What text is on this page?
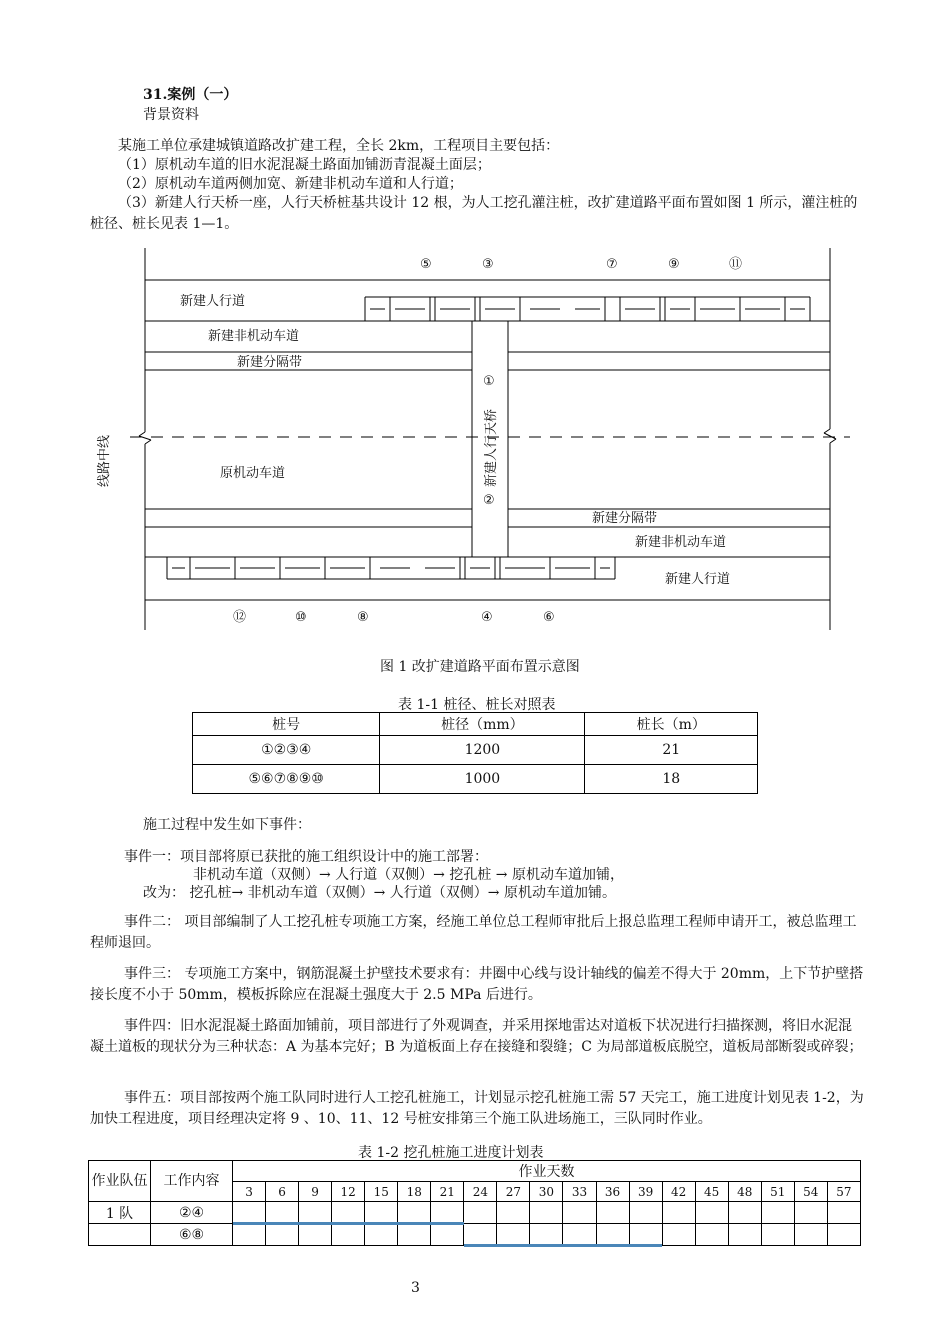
31.案例（一）
背景资料
某施工单位承建城镇道路改扩建工程，全长 2km，工程项目主要包括：
（1）原机动车道的旧水泥混凝土路面加铺沥青混凝土面层；
（2）原机动车道两侧加宽、新建非机动车道和人行道；
（3）新建人行天桥一座，人行天桥桩基共设计 12 根，为人工挖孔灌注桩，改扩建道路平面布置如图 1 所示，灌注桩的桩径、桩长见表 1—1。
新建人行道
新建非机动车道
新建分隔带
原机动车道
新建分隔带
新建非机动车道
新建人行道
线路中线	新建人行天桥
①
②
⑤	③	⑦	⑨	⑪
⑫	⑩	⑧	④	⑥
图 1 改扩建道路平面布置示意图
表 1-1 桩径、桩长对照表
桩号	桩径（mm）	桩长（m）
①②③④	1200	21
⑤⑥⑦⑧⑨⑩	1000	18
施工过程中发生如下事件：
事件一：项目部将原已获批的施工组织设计中的施工部署：
非机动车道（双侧）→ 人行道（双侧）→ 挖孔桩 → 原机动车道加铺，
改为： 挖孔桩→ 非机动车道（双侧）→ 人行道（双侧）→ 原机动车道加铺。
事件二： 项目部编制了人工挖孔桩专项施工方案，经施工单位总工程师审批后上报总监理工程师申请开工，被总监理工程师退回。
事件三： 专项施工方案中，钢筋混凝土护壁技术要求有：井圈中心线与设计轴线的偏差不得大于 20mm，上下节护壁搭接长度不小于 50mm，模板拆除应在混凝土强度大于 2.5 MPa 后进行。
事件四：旧水泥混凝土路面加铺前，项目部进行了外观调查，并采用探地雷达对道板下状况进行扫描探测，将旧水泥混凝土道板的现状分为三种状态：A 为基本完好；B 为道板面上存在接缝和裂缝；C 为局部道板底脱空，道板局部断裂或碎裂；
事件五：项目部按两个施工队同时进行人工挖孔桩施工，计划显示挖孔桩施工需 57 天完工，施工进度计划见表 1-2，为加快工程进度，项目经理决定将 9 、10、11、12 号桩安排第三个施工队进场施工，三队同时作业。
表 1-2 挖孔桩施工进度计划表
作业队伍	工作内容	作业天数																		
		3	6	9	12	15	18	21	24	27	30	33	36	39	42	45	48	51	54	57
1 队	②④																			
	⑥⑧																			
3
